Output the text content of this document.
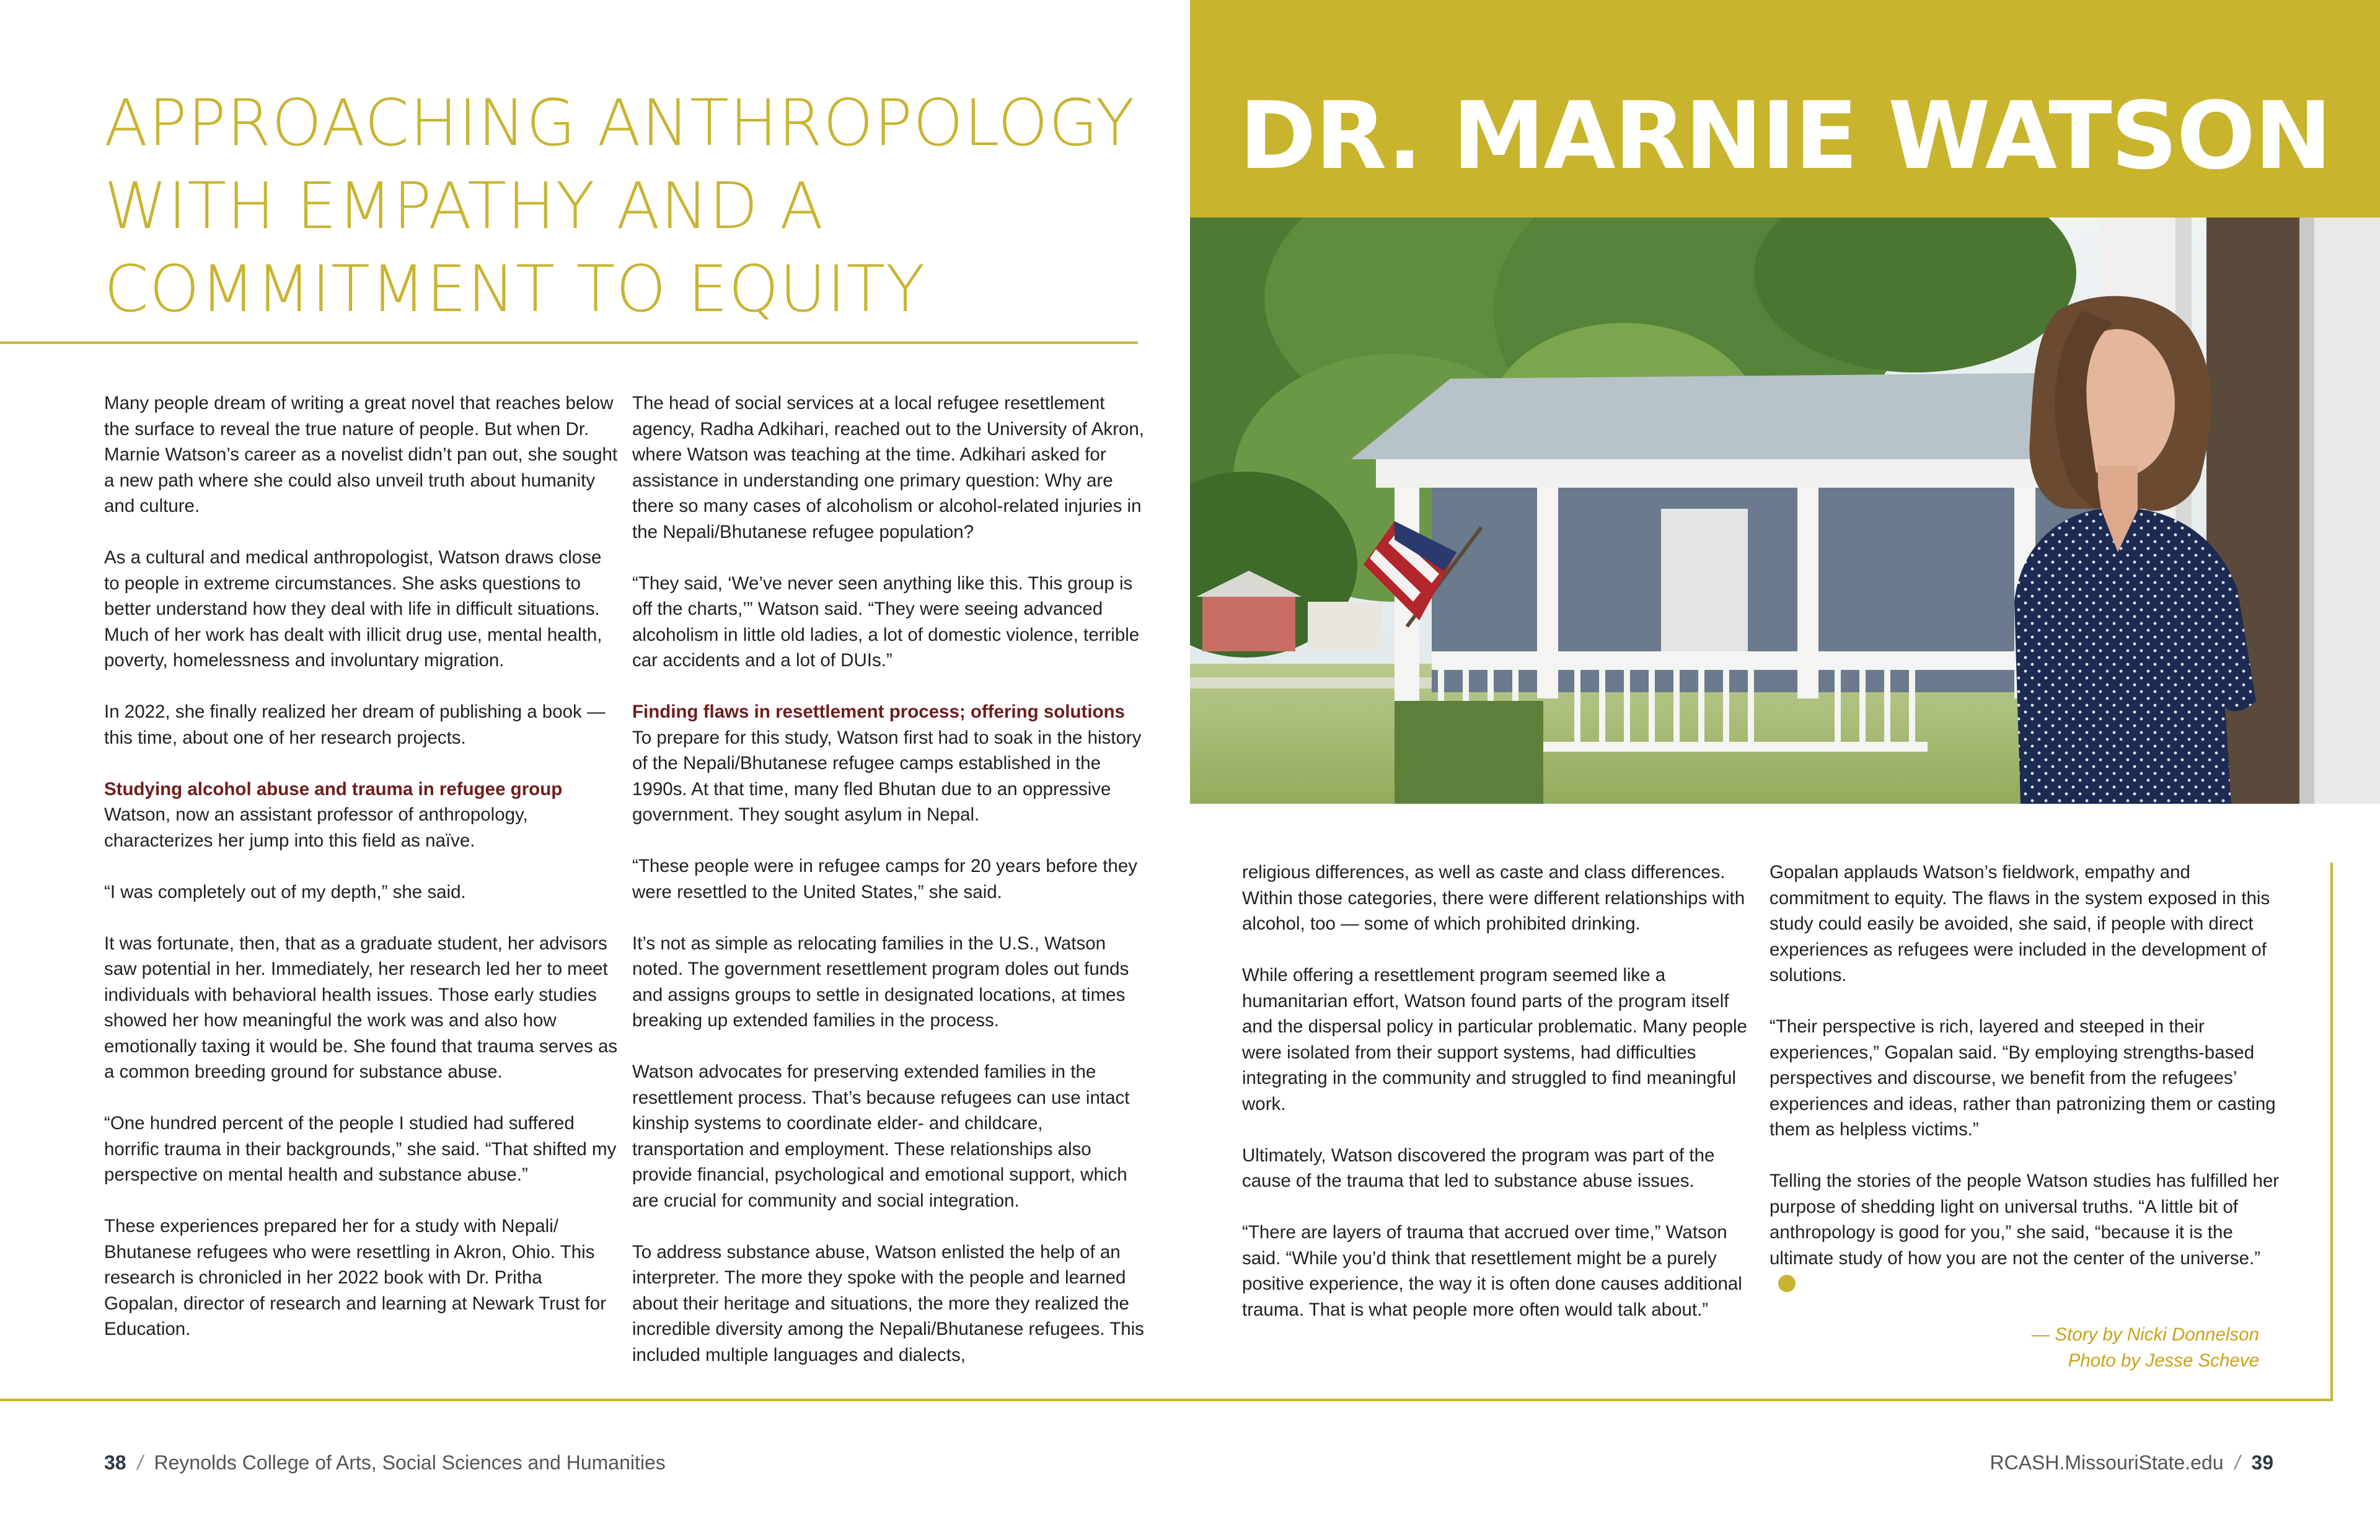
APPROACHING ANTHROPOLOGY
WITH EMPATHY AND A
COMMITMENT TO EQUITY
DR. MARNIE WATSON

Many people dream of writing a great novel that reaches below the surface to reveal the true nature of people. But when Dr. Marnie Watson’s career as a novelist didn’t pan out, she sought a new path where she could also unveil truth about humanity and culture.

As a cultural and medical anthropologist, Watson draws close to people in extreme circumstances. She asks questions to better understand how they deal with life in difficult situations. Much of her work has dealt with illicit drug use, mental health, poverty, homelessness and involuntary migration.

In 2022, she finally realized her dream of publishing a book — this time, about one of her research projects.

Studying alcohol abuse and trauma in refugee group

Watson, now an assistant professor of anthropology, characterizes her jump into this field as naïve.

“I was completely out of my depth,” she said.

It was fortunate, then, that as a graduate student, her advisors saw potential in her. Immediately, her research led her to meet individuals with behavioral health issues. Those early studies showed her how meaningful the work was and also how emotionally taxing it would be. She found that trauma serves as a common breeding ground for substance abuse.

“One hundred percent of the people I studied had suffered horrific trauma in their backgrounds,” she said. “That shifted my perspective on mental health and substance abuse.”

These experiences prepared her for a study with Nepali/ Bhutanese refugees who were resettling in Akron, Ohio. This research is chronicled in her 2022 book with Dr. Pritha Gopalan, director of research and learning at Newark Trust for Education.

The head of social services at a local refugee resettlement agency, Radha Adkihari, reached out to the University of Akron, where Watson was teaching at the time. Adkihari asked for assistance in understanding one primary question: Why are there so many cases of alcoholism or alcohol-related injuries in the Nepali/Bhutanese refugee population?

“They said, ‘We’ve never seen anything like this. This group is off the charts,’” Watson said. “They were seeing advanced alcoholism in little old ladies, a lot of domestic violence, terrible car accidents and a lot of DUIs.”

Finding flaws in resettlement process; offering solutions

To prepare for this study, Watson first had to soak in the history of the Nepali/Bhutanese refugee camps established in the 1990s. At that time, many fled Bhutan due to an oppressive government. They sought asylum in Nepal.

“These people were in refugee camps for 20 years before they were resettled to the United States,” she said.

It’s not as simple as relocating families in the U.S., Watson noted. The government resettlement program doles out funds and assigns groups to settle in designated locations, at times breaking up extended families in the process.

Watson advocates for preserving extended families in the resettlement process. That’s because refugees can use intact kinship systems to coordinate elder- and childcare, transportation and employment. These relationships also provide financial, psychological and emotional support, which are crucial for community and social integration.

To address substance abuse, Watson enlisted the help of an interpreter. The more they spoke with the people and learned about their heritage and situations, the more they realized the incredible diversity among the Nepali/Bhutanese refugees. This included multiple languages and dialects,

religious differences, as well as caste and class differences. Within those categories, there were different relationships with alcohol, too — some of which prohibited drinking.

While offering a resettlement program seemed like a humanitarian effort, Watson found parts of the program itself and the dispersal policy in particular problematic. Many people were isolated from their support systems, had difficulties integrating in the community and struggled to find meaningful work.

Ultimately, Watson discovered the program was part of the cause of the trauma that led to substance abuse issues.

“There are layers of trauma that accrued over time,” Watson said. “While you’d think that resettlement might be a purely positive experience, the way it is often done causes additional trauma. That is what people more often would talk about.”

Gopalan applauds Watson’s fieldwork, empathy and commitment to equity. The flaws in the system exposed in this study could easily be avoided, she said, if people with direct experiences as refugees were included in the development of solutions.

“Their perspective is rich, layered and steeped in their experiences,” Gopalan said. “By employing strengths-based perspectives and discourse, we benefit from the refugees’ experiences and ideas, rather than patronizing them or casting them as helpless victims.”

Telling the stories of the people Watson studies has fulfilled her purpose of shedding light on universal truths. “A little bit of anthropology is good for you,” she said, “because it is the ultimate study of how you are not the center of the universe.”

— Story by Nicki Donnelson
Photo by Jesse Scheve
38 / Reynolds College of Arts, Social Sciences and Humanities	RCASH.MissouriState.edu / 39
